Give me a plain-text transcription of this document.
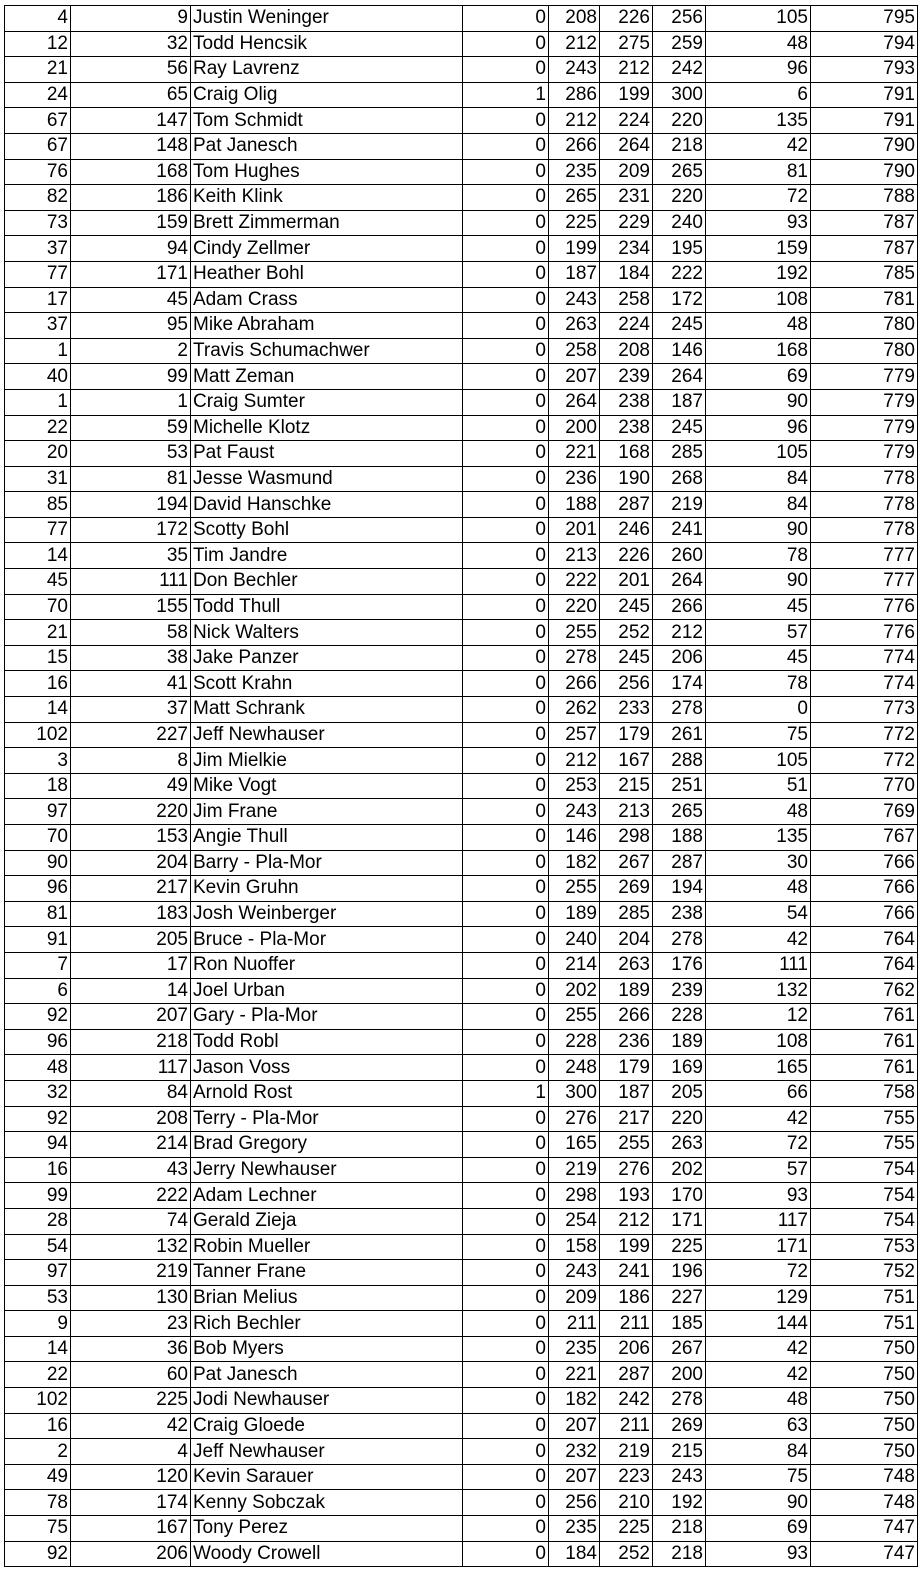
4	9	Justin Weninger	0	208	226	256	105	795
12	32	Todd Hencsik	0	212	275	259	48	794
21	56	Ray Lavrenz	0	243	212	242	96	793
24	65	Craig Olig	1	286	199	300	6	791
67	147	Tom Schmidt	0	212	224	220	135	791
67	148	Pat Janesch	0	266	264	218	42	790
76	168	Tom Hughes	0	235	209	265	81	790
82	186	Keith Klink	0	265	231	220	72	788
73	159	Brett Zimmerman	0	225	229	240	93	787
37	94	Cindy Zellmer	0	199	234	195	159	787
77	171	Heather Bohl	0	187	184	222	192	785
17	45	Adam Crass	0	243	258	172	108	781
37	95	Mike Abraham	0	263	224	245	48	780
1	2	Travis Schumachwer	0	258	208	146	168	780
40	99	Matt Zeman	0	207	239	264	69	779
1	1	Craig Sumter	0	264	238	187	90	779
22	59	Michelle Klotz	0	200	238	245	96	779
20	53	Pat Faust	0	221	168	285	105	779
31	81	Jesse Wasmund	0	236	190	268	84	778
85	194	David Hanschke	0	188	287	219	84	778
77	172	Scotty Bohl	0	201	246	241	90	778
14	35	Tim Jandre	0	213	226	260	78	777
45	111	Don Bechler	0	222	201	264	90	777
70	155	Todd Thull	0	220	245	266	45	776
21	58	Nick Walters	0	255	252	212	57	776
15	38	Jake Panzer	0	278	245	206	45	774
16	41	Scott Krahn	0	266	256	174	78	774
14	37	Matt Schrank	0	262	233	278	0	773
102	227	Jeff Newhauser	0	257	179	261	75	772
3	8	Jim Mielkie	0	212	167	288	105	772
18	49	Mike Vogt	0	253	215	251	51	770
97	220	Jim Frane	0	243	213	265	48	769
70	153	Angie Thull	0	146	298	188	135	767
90	204	Barry - Pla-Mor	0	182	267	287	30	766
96	217	Kevin Gruhn	0	255	269	194	48	766
81	183	Josh Weinberger	0	189	285	238	54	766
91	205	Bruce - Pla-Mor	0	240	204	278	42	764
7	17	Ron Nuoffer	0	214	263	176	111	764
6	14	Joel Urban	0	202	189	239	132	762
92	207	Gary - Pla-Mor	0	255	266	228	12	761
96	218	Todd Robl	0	228	236	189	108	761
48	117	Jason Voss	0	248	179	169	165	761
32	84	Arnold Rost	1	300	187	205	66	758
92	208	Terry - Pla-Mor	0	276	217	220	42	755
94	214	Brad Gregory	0	165	255	263	72	755
16	43	Jerry Newhauser	0	219	276	202	57	754
99	222	Adam Lechner	0	298	193	170	93	754
28	74	Gerald Zieja	0	254	212	171	117	754
54	132	Robin Mueller	0	158	199	225	171	753
97	219	Tanner Frane	0	243	241	196	72	752
53	130	Brian Melius	0	209	186	227	129	751
9	23	Rich Bechler	0	211	211	185	144	751
14	36	Bob Myers	0	235	206	267	42	750
22	60	Pat Janesch	0	221	287	200	42	750
102	225	Jodi Newhauser	0	182	242	278	48	750
16	42	Craig Gloede	0	207	211	269	63	750
2	4	Jeff Newhauser	0	232	219	215	84	750
49	120	Kevin Sarauer	0	207	223	243	75	748
78	174	Kenny Sobczak	0	256	210	192	90	748
75	167	Tony Perez	0	235	225	218	69	747
92	206	Woody Crowell	0	184	252	218	93	747
